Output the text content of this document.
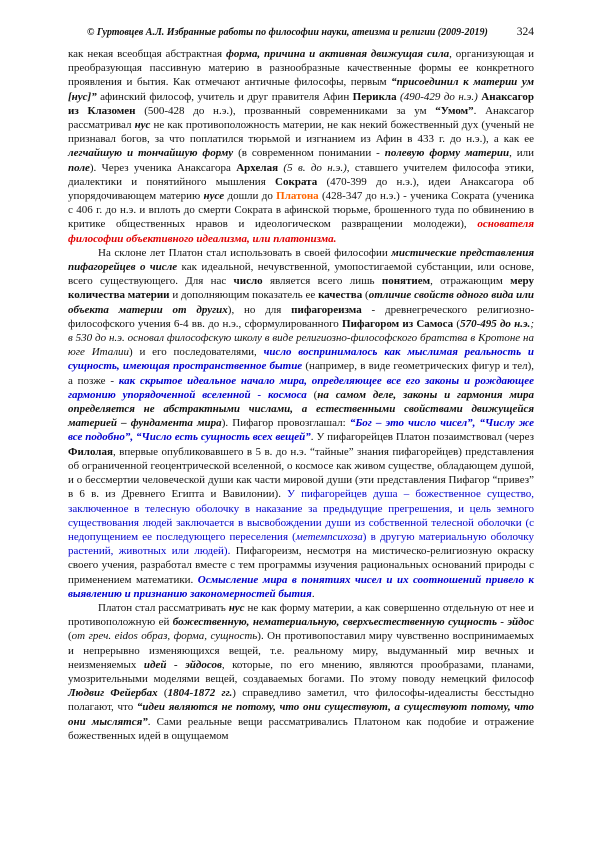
© Гуртовцев А.Л. Избранные работы по философии науки, атеизма и религии (2009-2019)	324

как некая всеобщая абстрактная форма, причина и активная движущая сила, организующая и преобразующая пассивную материю в разнообразные качественные формы ее конкретного проявления и бытия. Как отмечают античные философы, первым “присоединил к материи ум [нус]” афинский философ, учитель и друг правителя Афин Перикла (490-429 до н.э.) Анаксагор из Клазомен (500-428 до н.э.), прозванный современниками за ум “Умом”. Анаксагор рассматривал нус не как противоположность материи, не как некий божественный дух (ученый не признавал богов, за что поплатился тюрьмой и изгнанием из Афин в 433 г. до н.э.), а как ее легчайшую и тончайшую форму (в современном понимании - полевую форму материи, или поле). Через ученика Анаксагора Архелая (5 в. до н.э.), ставшего учителем философа этики, диалектики и понятийного мышления Сократа (470-399 до н.э.), идеи Анаксагора об упорядочивающем материю нусе дошли до Платона (428-347 до н.э.) - ученика Сократа (ученика с 406 г. до н.э. и вплоть до смерти Сократа в афинской тюрьме, брошенного туда по обвинению в критике общественных нравов и идеологическом развращении молодежи), основателя философии объективного идеализма, или платонизма.

На склоне лет Платон стал использовать в своей философии мистические представления пифагорейцев о числе как идеальной, нечувственной, умопостигаемой субстанции, или основе, всего существующего. Для нас число является всего лишь понятием, отражающим меру количества материи и дополняющим показатель ее качества (отличие свойств одного вида или объекта материи от других), но для пифагореизма - древнегреческого религиозно-философского учения 6-4 вв. до н.э., сформулированного Пифагором из Самоса (570-495 до н.э.; в 530 до н.э. основал философскую школу в виде религиозно-философского братства в Кротоне на юге Италии) и его последователями, число воспринималось как мыслимая реальность и сущность, имеющая пространственное бытие (например, в виде геометрических фигур и тел), а позже - как скрытое идеальное начало мира, определяющее все его законы и рождающее гармонию упорядоченной вселенной - космоса (на самом деле, законы и гармония мира определяется не абстрактными числами, а естественными свойствами движущейся материей – фундамента мира). Пифагор провозглашал: “Бог – это число чисел”, “Числу же все подобно”, “Число есть сущность всех вещей”. У пифагорейцев Платон позаимствовал (через Филолая, впервые опубликовавшего в 5 в. до н.э. “тайные” знания пифагорейцев) представления об ограниченной геоцентрической вселенной, о космосе как живом существе, обладающем душой, и о бессмертии человеческой души как части мировой души (эти представления Пифагор “привез” в 6 в. из Древнего Египта и Вавилонии). У пифагорейцев душа – божественное существо, заключенное в телесную оболочку в наказание за предыдущие прегрешения, и цель земного существования людей заключается в высвобождении души из собственной телесной оболочки (с недопущением ее последующего переселения (метемпсихоза) в другую материальную оболочку растений, животных или людей). Пифагореизм, несмотря на мистическо-религиозную окраску своего учения, разработал вместе с тем программы изучения рациональных оснований природы с применением математики. Осмысление мира в понятиях чисел и их соотношений привело к выявлению и признанию закономерностей бытия.

Платон стал рассматривать нус не как форму материи, а как совершенно отдельную от нее и противоположную ей божественную, нематериальную, сверхъестественную сущность - эйдос (от греч. eidos образ, форма, сущность). Он противопоставил миру чувственно воспринимаемых и непрерывно изменяющихся вещей, т.е. реальному миру, выдуманный мир вечных и неизменяемых идей - эйдосов, которые, по его мнению, являются прообразами, планами, умозрительными моделями вещей, создаваемых богами. По этому поводу немецкий философ Людвиг Фейербах (1804-1872 гг.) справедливо заметил, что философы-идеалисты бесстыдно полагают, что “идеи являются не потому, что они существуют, а существуют потому, что они мыслятся”. Сами реальные вещи рассматривались Платоном как подобие и отражение божественных идей в ощущаемом
